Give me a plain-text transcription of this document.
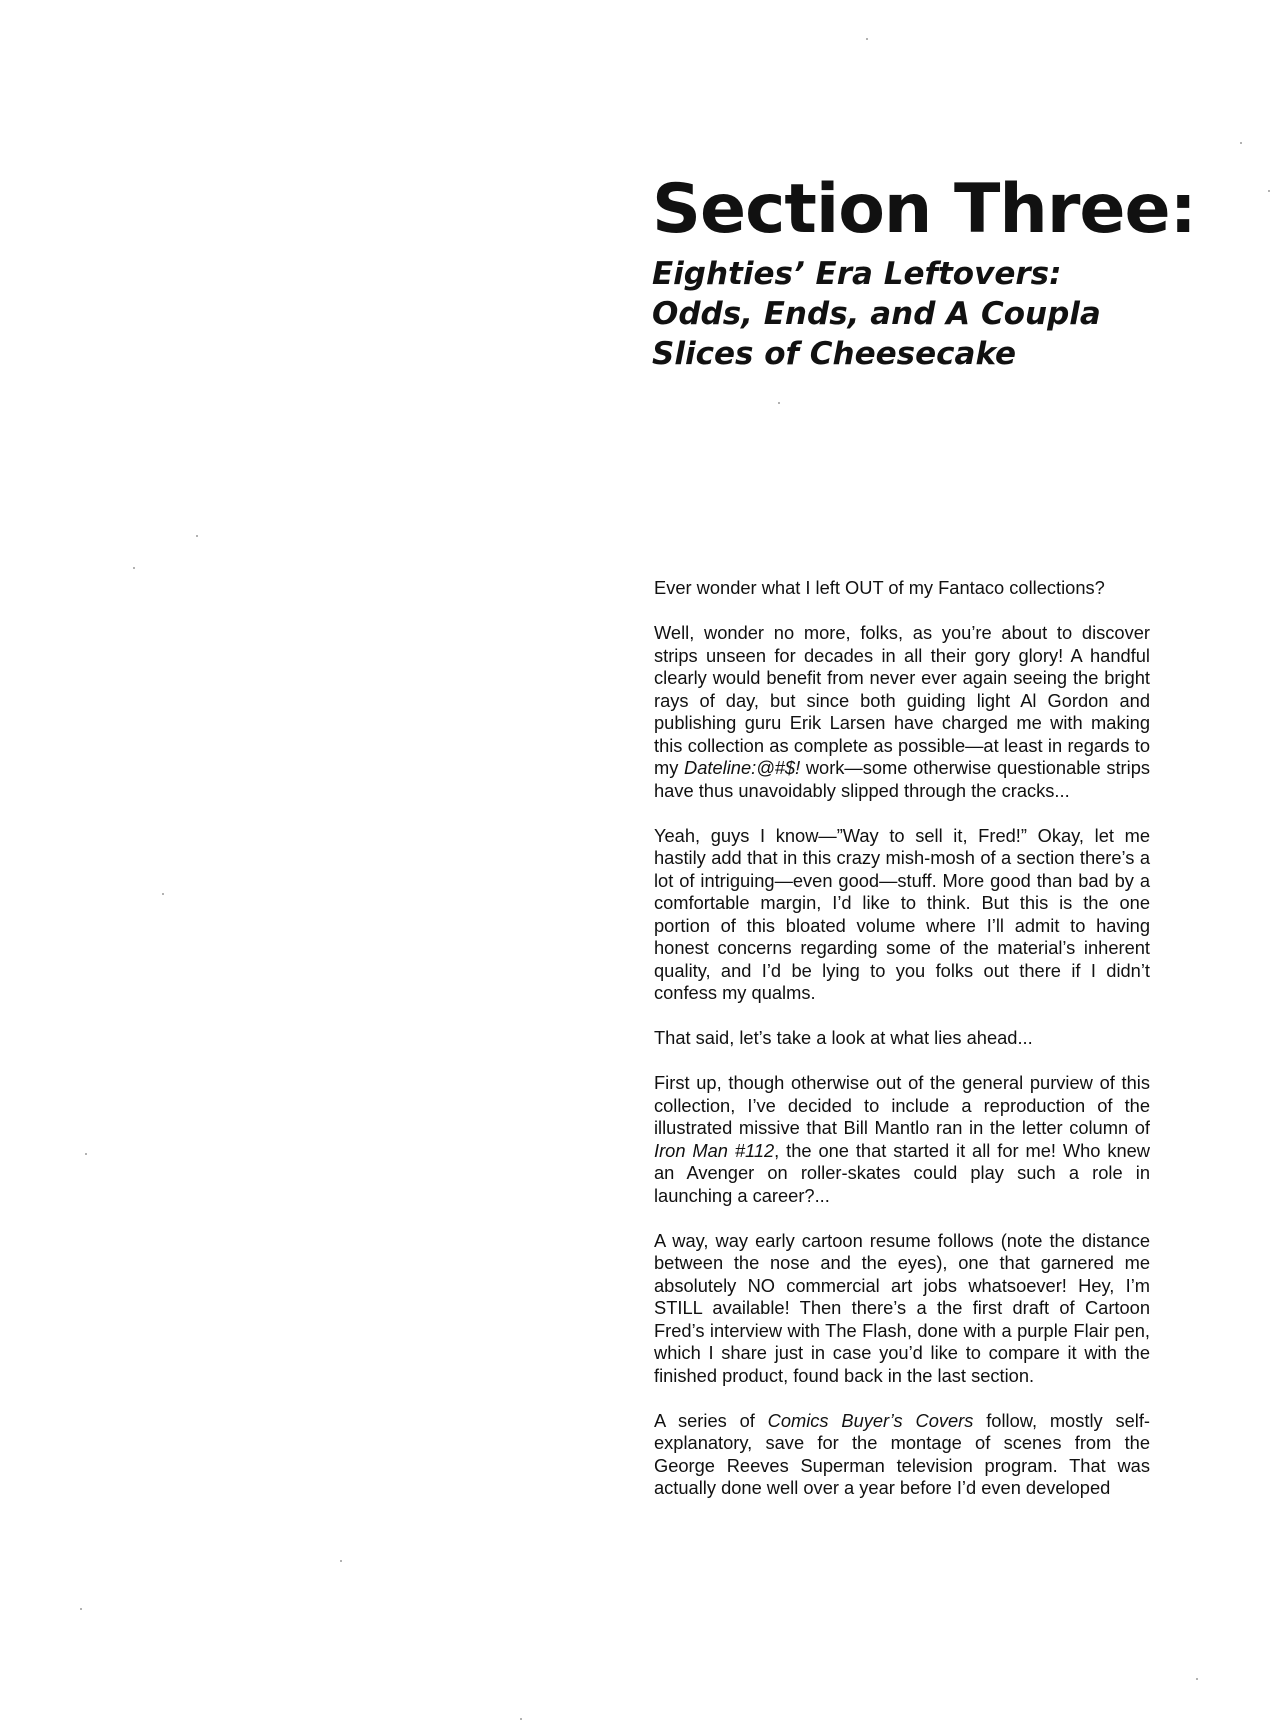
Section Three:
Eighties’ Era Leftovers:
Odds, Ends, and A Coupla
Slices of Cheesecake

Ever wonder what I left OUT of my Fantaco collections?

Well, wonder no more, folks, as you’re about to discover strips unseen for decades in all their gory glory! A handful clearly would benefit from never ever again seeing the bright rays of day, but since both guiding light Al Gordon and publishing guru Erik Larsen have charged me with making this collection as complete as possible—at least in regards to my Dateline:@#$! work—some otherwise questionable strips have thus unavoidably slipped through the cracks...

Yeah, guys I know—”Way to sell it, Fred!” Okay, let me hastily add that in this crazy mish-mosh of a section there’s a lot of intriguing—even good—stuff. More good than bad by a comfortable margin, I’d like to think. But this is the one portion of this bloated volume where I’ll admit to having honest concerns regarding some of the material’s inherent quality, and I’d be lying to you folks out there if I didn’t confess my qualms.

That said, let’s take a look at what lies ahead...

First up, though otherwise out of the general purview of this collection, I’ve decided to include a reproduction of the illustrated missive that Bill Mantlo ran in the letter column of Iron Man #112, the one that started it all for me! Who knew an Avenger on roller-skates could play such a role in launching a career?...

A way, way early cartoon resume follows (note the distance between the nose and the eyes), one that garnered me absolutely NO commercial art jobs whatsoever! Hey, I’m STILL available! Then there’s a the first draft of Cartoon Fred’s interview with The Flash, done with a purple Flair pen, which I share just in case you’d like to compare it with the finished product, found back in the last section.

A series of Comics Buyer’s Covers follow, mostly self-explanatory, save for the montage of scenes from the George Reeves Superman television program. That was actually done well over a year before I’d even developed
